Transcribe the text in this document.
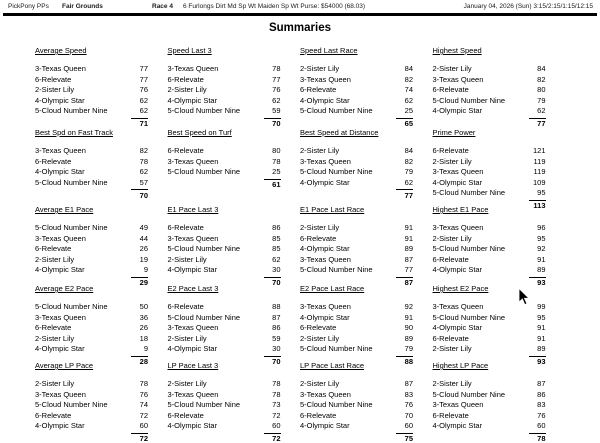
PickPony PPs Fair Grounds	Race 4 6 Furlongs Dirt Md Sp Wt Maiden Sp Wt Purse: $54000 (68.03)	January 04, 2026 (Sun) 3:15/2:15/1:15/12:15
Summaries
Average Speed
3-Texas Queen	77
6-Relevate	77
2-Sister Lily	76
4-Olympic Star	62
5-Cloud Number Nine	62
71
Speed Last 3
3-Texas Queen	78
6-Relevate	77
2-Sister Lily	76
4-Olympic Star	62
5-Cloud Number Nine	59
70
Speed Last Race
2-Sister Lily	84
3-Texas Queen	82
6-Relevate	74
4-Olympic Star	62
5-Cloud Number Nine	25
65
Highest Speed
2-Sister Lily	84
3-Texas Queen	82
6-Relevate	80
5-Cloud Number Nine	79
4-Olympic Star	62
77
Best Spd on Fast Track
3-Texas Queen	82
6-Relevate	78
4-Olympic Star	62
5-Cloud Number Nine	57
70
Best Speed on Turf
6-Relevate	80
3-Texas Queen	78
5-Cloud Number Nine	25
61
Best Speed at Distance
2-Sister Lily	84
3-Texas Queen	82
5-Cloud Number Nine	79
4-Olympic Star	62
77
Prime Power
6-Relevate	121
2-Sister Lily	119
3-Texas Queen	119
4-Olympic Star	109
5-Cloud Number Nine	95
113
Average E1 Pace
5-Cloud Number Nine	49
3-Texas Queen	44
6-Relevate	26
2-Sister Lily	19
4-Olympic Star	9
29
E1 Pace Last 3
6-Relevate	86
3-Texas Queen	85
5-Cloud Number Nine	85
2-Sister Lily	62
4-Olympic Star	30
70
E1 Pace Last Race
2-Sister Lily	91
6-Relevate	91
4-Olympic Star	89
3-Texas Queen	87
5-Cloud Number Nine	77
87
Highest E1 Pace
3-Texas Queen	96
2-Sister Lily	95
5-Cloud Number Nine	92
6-Relevate	91
4-Olympic Star	89
93
Average E2 Pace
5-Cloud Number Nine	50
3-Texas Queen	36
6-Relevate	26
2-Sister Lily	18
4-Olympic Star	9
28
E2 Pace Last 3
6-Relevate	88
5-Cloud Number Nine	87
3-Texas Queen	86
2-Sister Lily	59
4-Olympic Star	30
70
E2 Pace Last Race
3-Texas Queen	92
4-Olympic Star	91
6-Relevate	90
2-Sister Lily	89
5-Cloud Number Nine	79
88
Highest E2 Pace
3-Texas Queen	99
5-Cloud Number Nine	95
4-Olympic Star	91
6-Relevate	91
2-Sister Lily	89
93
Average LP Pace
2-Sister Lily	78
3-Texas Queen	76
5-Cloud Number Nine	74
6-Relevate	72
4-Olympic Star	60
72
LP Pace Last 3
2-Sister Lily	78
3-Texas Queen	78
5-Cloud Number Nine	73
6-Relevate	72
4-Olympic Star	60
72
LP Pace Last Race
2-Sister Lily	87
3-Texas Queen	83
5-Cloud Number Nine	76
6-Relevate	70
4-Olympic Star	60
75
Highest LP Pace
2-Sister Lily	87
5-Cloud Number Nine	86
3-Texas Queen	83
6-Relevate	76
4-Olympic Star	60
78
